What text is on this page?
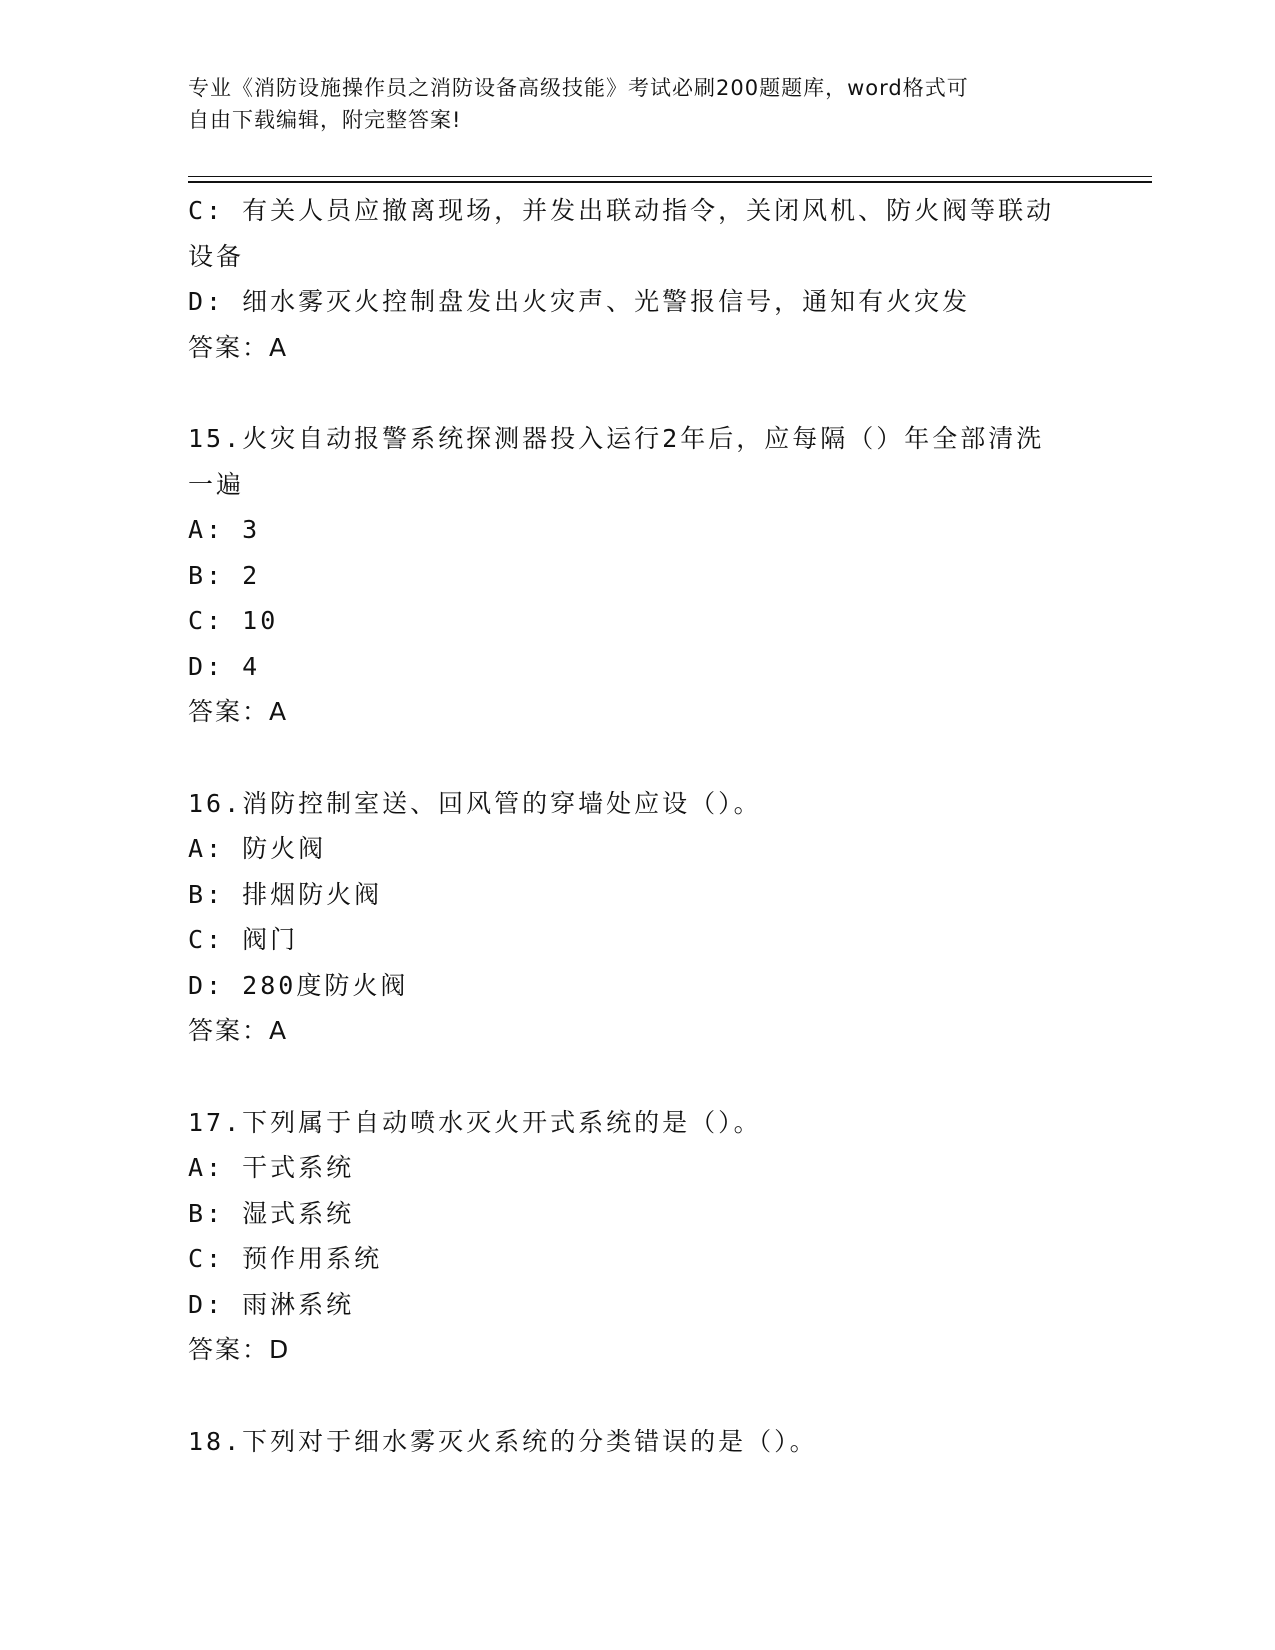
专业《消防设施操作员之消防设备高级技能》考试必刷200题题库，word格式可
自由下载编辑，附完整答案!
C: 有关人员应撤离现场，并发出联动指令，关闭风机、防火阀等联动
设备
D: 细水雾灭火控制盘发出火灾声、光警报信号，通知有火灾发
答案：A
15.火灾自动报警系统探测器投入运行2年后，应每隔（）年全部清洗
一遍
A: 3
B: 2
C: 10
D: 4
答案：A
16.消防控制室送、回风管的穿墙处应设（）。
A: 防火阀
B: 排烟防火阀
C: 阀门
D: 280度防火阀
答案：A
17.下列属于自动喷水灭火开式系统的是（）。
A: 干式系统
B: 湿式系统
C: 预作用系统
D: 雨淋系统
答案：D
18.下列对于细水雾灭火系统的分类错误的是（）。
